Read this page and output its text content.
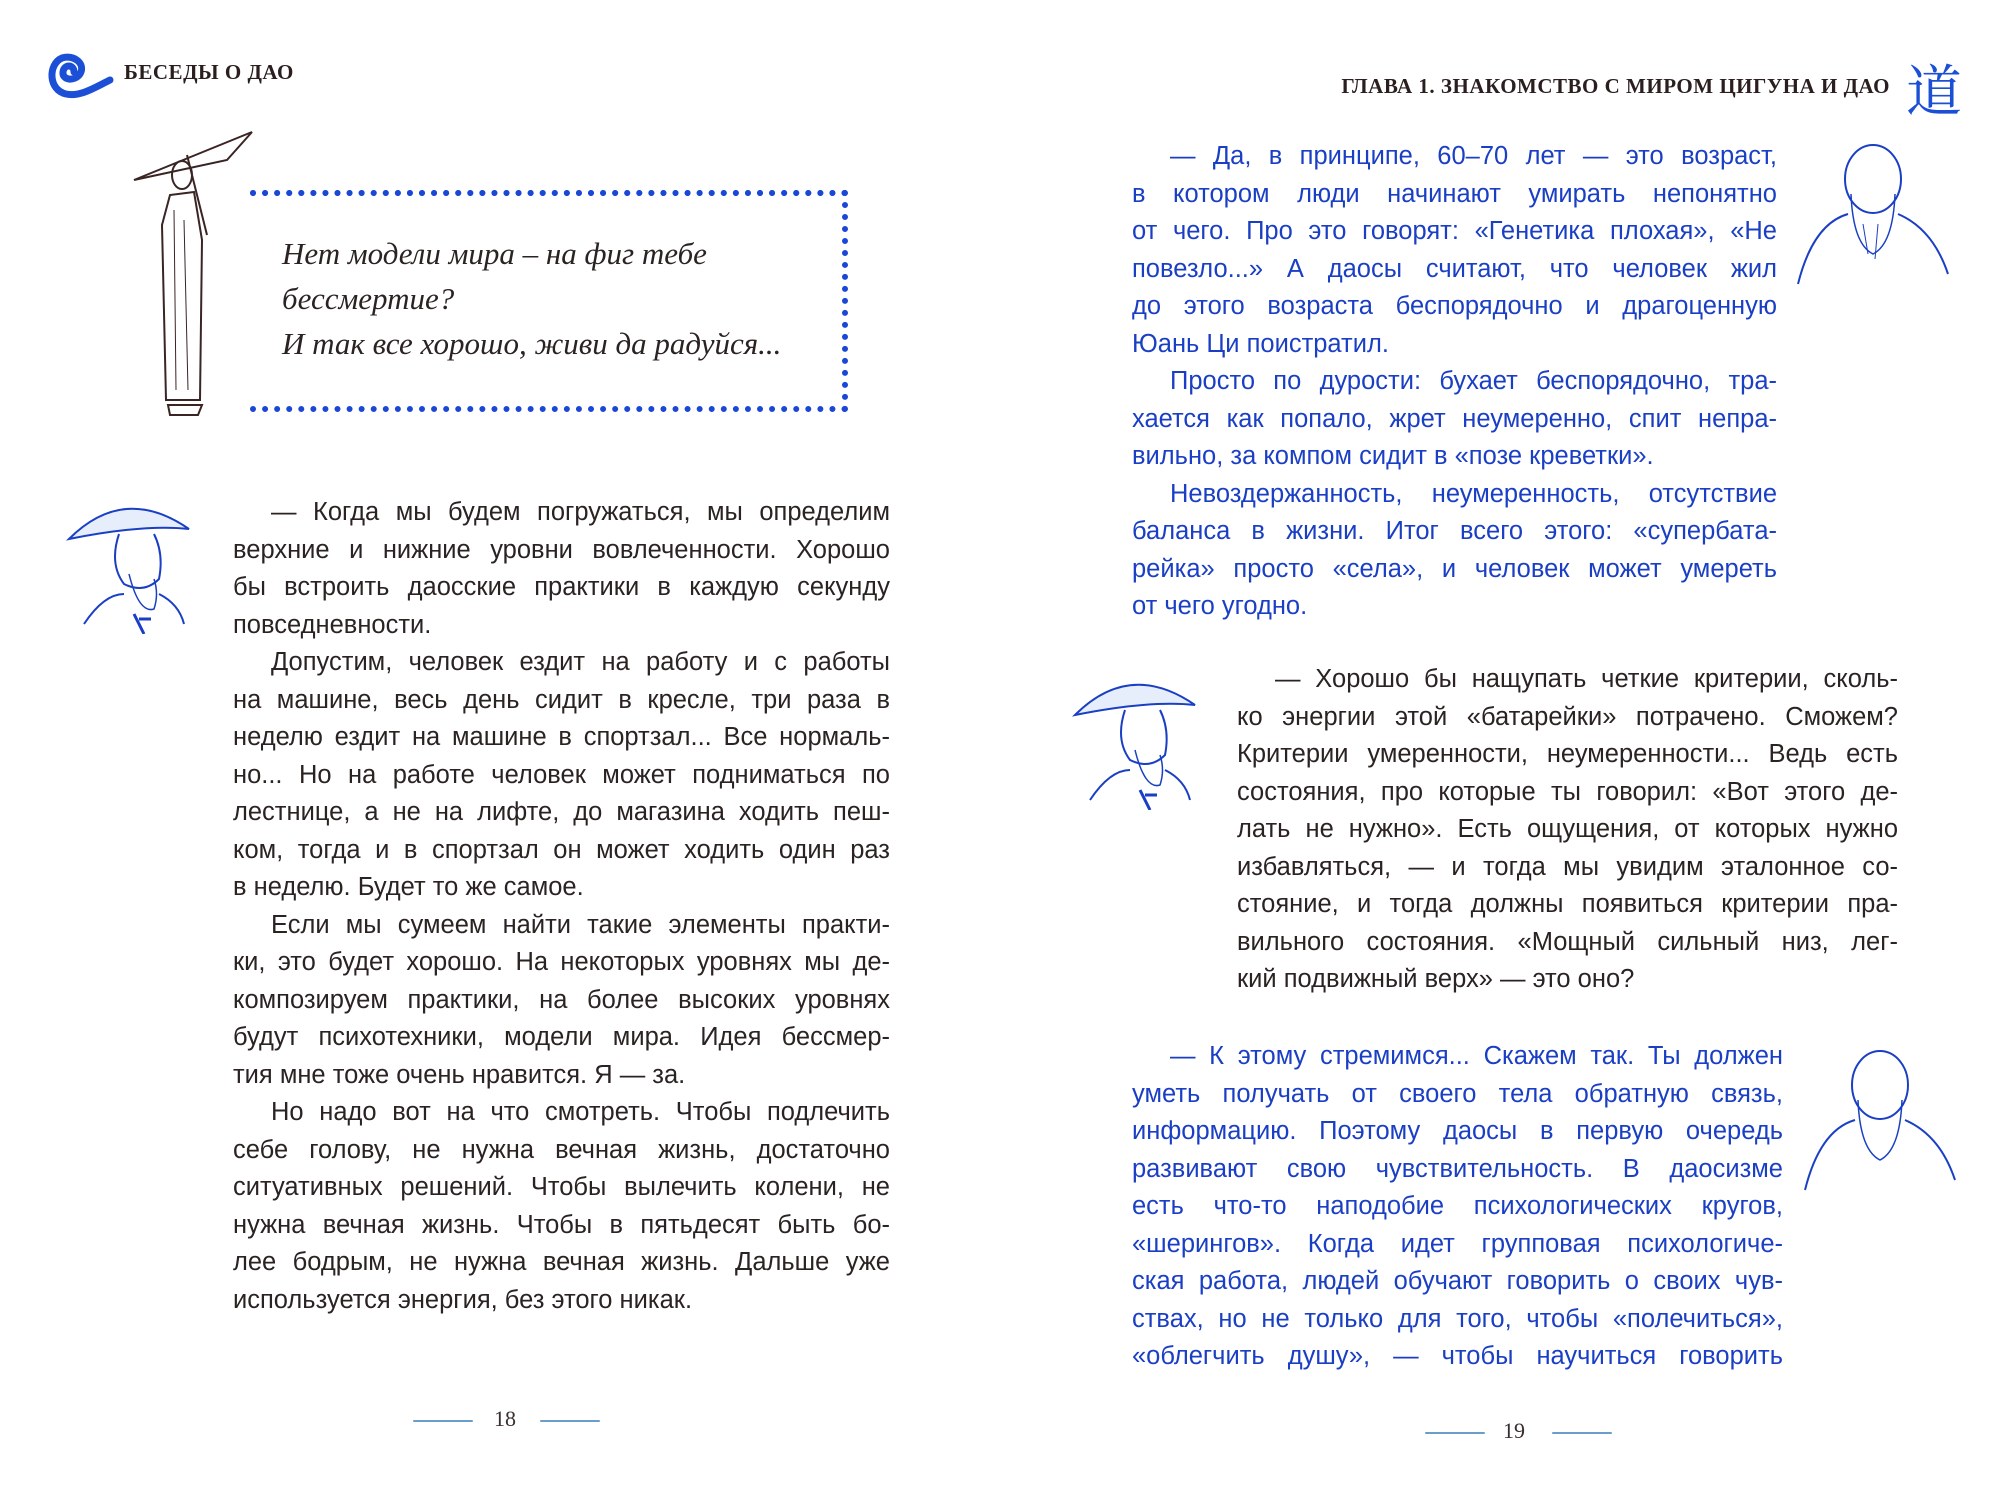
БЕСЕДЫ О ДАО
Нет модели мира – на фиг тебе
бессмертие?
И так все хорошо, живи да радуйся...
— Когда мы будем погружаться, мы определим
верхние и нижние уровни вовлеченности. Хорошо
бы встроить даосские практики в каждую секунду
повседневности.
Допустим, человек ездит на работу и с работы
на машине, весь день сидит в кресле, три раза в
неделю ездит на машине в спортзал... Все нормаль-
но... Но на работе человек может подниматься по
лестнице, а не на лифте, до магазина ходить пеш-
ком, тогда и в спортзал он может ходить один раз
в неделю. Будет то же самое.
Если мы сумеем найти такие элементы практи-
ки, это будет хорошо. На некоторых уровнях мы де-
композируем практики, на более высоких уровнях
будут психотехники, модели мира. Идея бессмер-
тия мне тоже очень нравится. Я — за.
Но надо вот на что смотреть. Чтобы подлечить
себе голову, не нужна вечная жизнь, достаточно
ситуативных решений. Чтобы вылечить колени, не
нужна вечная жизнь. Чтобы в пятьдесят быть бо-
лее бодрым, не нужна вечная жизнь. Дальше уже
используется энергия, без этого никак.
18
ГЛАВА 1. ЗНАКОМСТВО С МИРОМ ЦИГУНА И ДАО 道
— Да, в принципе, 60–70 лет — это возраст,
в котором люди начинают умирать непонятно
от чего. Про это говорят: «Генетика плохая», «Не
повезло...» А даосы считают, что человек жил
до этого возраста беспорядочно и драгоценную
Юань Ци поистратил.
Просто по дурости: бухает беспорядочно, тра-
хается как попало, жрет неумеренно, спит непра-
вильно, за компом сидит в «позе креветки».
Невоздержанность, неумеренность, отсутствие
баланса в жизни. Итог всего этого: «супербата-
рейка» просто «села», и человек может умереть
от чего угодно.
— Хорошо бы нащупать четкие критерии, сколь-
ко энергии этой «батарейки» потрачено. Сможем?
Критерии умеренности, неумеренности... Ведь есть
состояния, про которые ты говорил: «Вот этого де-
лать не нужно». Есть ощущения, от которых нужно
избавляться, — и тогда мы увидим эталонное со-
стояние, и тогда должны появиться критерии пра-
вильного состояния. «Мощный сильный низ, лег-
кий подвижный верх» — это оно?
— К этому стремимся... Скажем так. Ты должен
уметь получать от своего тела обратную связь,
информацию. Поэтому даосы в первую очередь
развивают свою чувствительность. В даосизме
есть что-то наподобие психологических кругов,
«шерингов». Когда идет групповая психологиче-
ская работа, людей обучают говорить о своих чув-
ствах, но не только для того, чтобы «полечиться»,
«облегчить душу», — чтобы научиться говорить
19
